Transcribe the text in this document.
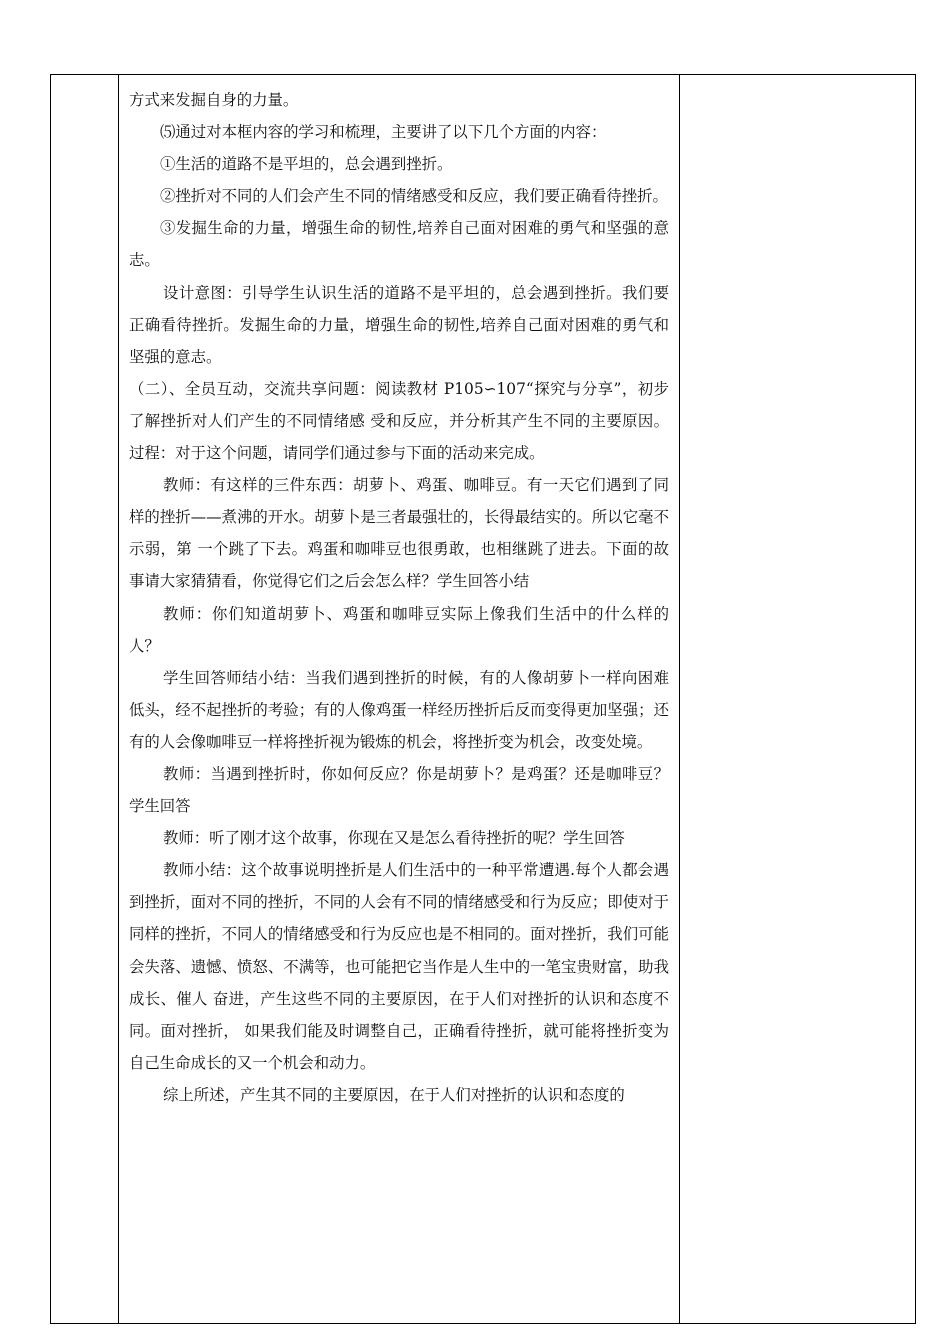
方式来发掘自身的力量。

⑸通过对本框内容的学习和梳理，主要讲了以下几个方面的内容：

①生活的道路不是平坦的，总会遇到挫折。

②挫折对不同的人们会产生不同的情绪感受和反应，我们要正确看待挫折。

③发掘生命的力量，增强生命的韧性,培养自己面对困难的勇气和坚强的意志。

设计意图：引导学生认识生活的道路不是平坦的，总会遇到挫折。我们要正确看待挫折。发掘生命的力量，增强生命的韧性,培养自己面对困难的勇气和坚强的意志。

（二）、全员互动，交流共享问题：阅读教材 P105∽107“探究与分享”，初步了解挫折对人们产生的不同情绪感 受和反应，并分析其产生不同的主要原因。过程：对于这个问题，请同学们通过参与下面的活动来完成。

教师：有这样的三件东西：胡萝卜、鸡蛋、咖啡豆。有一天它们遇到了同样的挫折——煮沸的开水。胡萝卜是三者最强壮的，长得最结实的。所以它毫不示弱，第 一个跳了下去。鸡蛋和咖啡豆也很勇敢，也相继跳了进去。下面的故事请大家猜猜看，你觉得它们之后会怎么样？学生回答小结

教师：你们知道胡萝卜、鸡蛋和咖啡豆实际上像我们生活中的什么样的人？

学生回答师结小结：当我们遇到挫折的时候，有的人像胡萝卜一样向困难低头，经不起挫折的考验；有的人像鸡蛋一样经历挫折后反而变得更加坚强；还有的人会像咖啡豆一样将挫折视为锻炼的机会，将挫折变为机会，改变处境。

教师：当遇到挫折时，你如何反应？你是胡萝卜？是鸡蛋？还是咖啡豆？学生回答

教师：听了刚才这个故事，你现在又是怎么看待挫折的呢？学生回答

教师小结：这个故事说明挫折是人们生活中的一种平常遭遇.每个人都会遇到挫折，面对不同的挫折，不同的人会有不同的情绪感受和行为反应；即使对于同样的挫折，不同人的情绪感受和行为反应也是不相同的。面对挫折，我们可能会失落、遗憾、愤怒、不满等，也可能把它当作是人生中的一笔宝贵财富，助我成长、催人 奋进，产生这些不同的主要原因，在于人们对挫折的认识和态度不同。面对挫折， 如果我们能及时调整自己，正确看待挫折，就可能将挫折变为自己生命成长的又一个机会和动力。

综上所述，产生其不同的主要原因，在于人们对挫折的认识和态度的
